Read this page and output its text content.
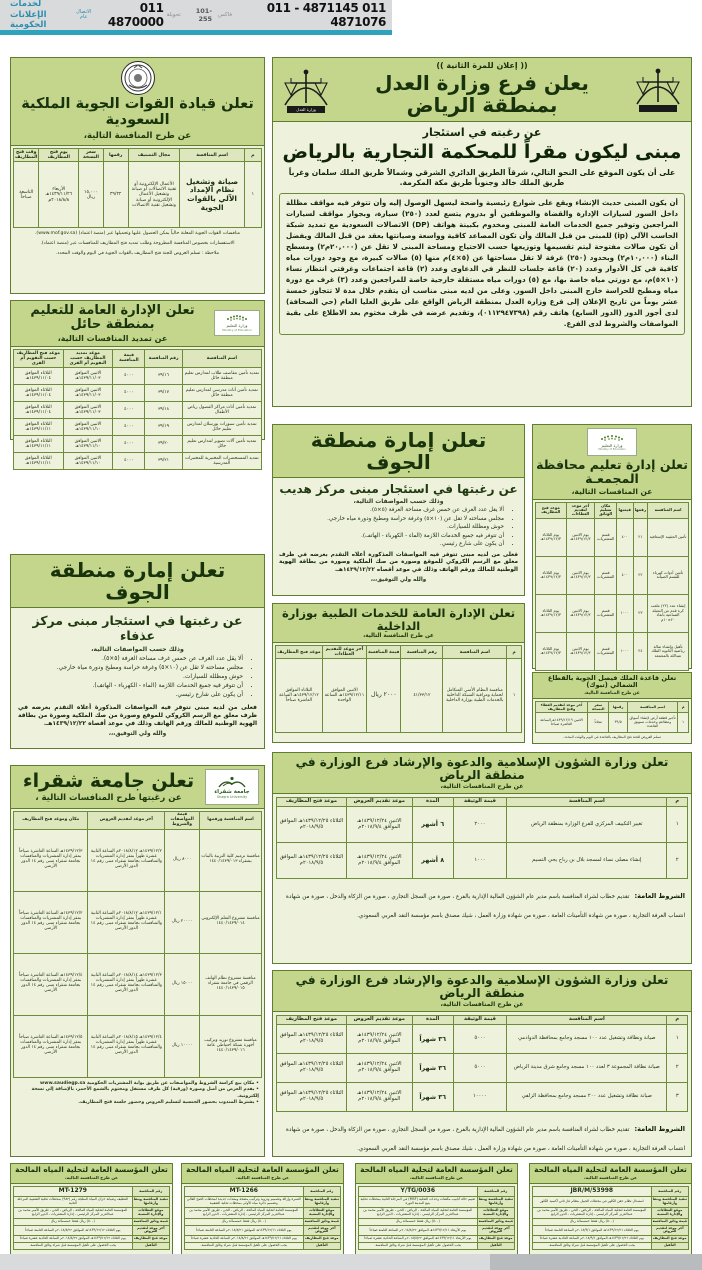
لخدمات
الإعلانات الحكومية
الاتصال
عام
011 4870000 تحويلة	101-255	فاكس	011 4871145 - 011 4871076
تعلن قيادة القوات الجوية الملكية السعودية
عن طرح المنافسة التالية،
م	اسم المنافسة	مجال التصنيف	رقمها	سعر النسخة	يوم فتح المظاريف	وقت فتح المظاريف
١	صيانة وتشغيل نظام الإمداد الآلي بالقوات الجوية	الأعمال الإلكترونية أو تقنية الاتصالات أو صيانة وتشغيل الأعمال الإلكترونية أو صيانة وتشغيل تقنية الاتصالات	٣٩/٢٢	١٥,٠٠٠ ريال	الأربعاء ١٤٣٩/١١/٢٦هـ ٢٠١٨/٨/٨م	التاسعة صباحاً
منافسات القوات الجوية المعلنة حالياً يمكن الحصول عليها وتحميلها عبر (منصة اعتماد) (www.mof.gov.sa).
الاستفسارات بخصوص المنافسة المطروحة وطلب تمديد فتح المظاريف للمنافسات عبر (منصة اعتماد).
ملاحظة : تسلم العروض للجنة فتح المظاريف بالقوات الجوية في اليوم والوقت المحدد.
تعلن الإدارة العامة للتعليم بمنطقة حائل
عن تمديد المنافسات التالية،
وزارة التعليم
Ministry of Education
اسم المنافسة	رقم المنافسة	قيمة المنافسة	موعد تمديد المظاريف حسب التقويم أم القرى	موعد فتح المظاريف حسب التقويم أم القرى
تمديد تأمين مقاصف طلاب لمدارس تعليم منطقة حائل	٣٩/١٦	٤٠٠٠	الاثنين الموافق ١٤٣٩/١١/٠٣هـ	الثلاثاء الموافق ١٤٣٩/١١/٠٤هـ
تمديد تأمين أثاث مدرسي لمدارس تعليم منطقة حائل	٣٩/١٧	٤٠٠٠	الاثنين الموافق ١٤٣٩/١١/٠٣هـ	الثلاثاء الموافق ١٤٣٩/١١/٠٤هـ
تمديد تأمين أثاث مراكز الفصول رياض الأطفال	٣٩/١٨	٤٠٠٠	الاثنين الموافق ١٤٣٩/١١/٠٣هـ	الثلاثاء الموافق ١٤٣٩/١١/٠٤هـ
تمديد تأمين سبورات بورسلان لمدارس تعليم حائل	٣٩/١٩	٤٠٠٠	الاثنين الموافق ١٤٣٩/١١/١٠هـ	الثلاثاء الموافق ١٤٣٩/١١/١١هـ
تمديد تأمين آلات تصوير لمدارس تعليم حائل	٣٩/٢٠	٤٠٠٠	الاثنين الموافق ١٤٣٩/١١/١٠هـ	الثلاثاء الموافق ١٤٣٩/١١/١١هـ
تمديد المستحضرات المختبرية للمختبرات المدرسية	٣٩/٢١	٤٠٠٠	الاثنين الموافق ١٤٣٩/١١/١٠هـ	الثلاثاء الموافق ١٤٣٩/١١/١١هـ
وزارة العدل
(( إعلان للمرة الثانية ))
يعلن فرع وزارة العدل بمنطقة الرياض
عن رغبته في استئجار
مبنى ليكون مقراً للمحكمة التجارية بالرياض
على أن يكون الموقع على النحو التالي، شرقاً الطريق الدائري الشرقي وشمالاً طريق الملك سلمان وغرباً طريق الملك خالد وجنوباً طريق مكة المكرمة.
أن يكون المبنى حديث الإنشاء ويقع على شوارع رئيسية واضحة ليسهل الوصول إليه وأن تتوفر فيه مواقف مظللة داخل السور لسيارات الإدارة والقضاة والموظفين أو بدروم يتسع لعدد (٢٥٠) سيارة، وبجوار مواقف لسيارات المراجعين وتوفير جميع الخدمات العامة للمبنى ومخدوم بكبينة هواتف (DP) الاتصالات السعودية مع تمديد شبكة الحاسب الآلي (ip) للمبنى من قبل المالك وأن تكون المصاعد كافية وواسعة وصيانتها بعقد من قبل المالك ويفضل أن تكون صالات مفتوحة ليتم تقسيمها وتوزيعها حسب الاحتياج ومساحة المبنى لا تقل عن (٢٠,٠٠٠م٢) ومسطح البناء (١٠,٠٠٠م٢) وبحدود (٢٥٠) غرفة لا تقل مساحتها عن (٥×٤)م منها (٥) صالات كبيرة، مع وجود دورات مياه كافية في كل الأدوار وعدد (٢٠) قاعة جلسات للنظر في الدعاوى وعدد (٢) قاعة اجتماعات وغرفتي انتظار نساء (١٠×٥)م، مع دورتي مياه خاصة بها، مع (٥) دورات مياه مستقلة خارجية خاصة للمراجعين وعدد (٣) غرف مع دورة مياه ومطبخ للحراسة خارج المبنى داخل السور. وعلى من لديه مبنى مناسب أن يتقدم خلال مدة لا تتجاوز خمسة عشر يوماً من تاريخ الإعلان إلى فرع وزارة العدل بمنطقة الرياض الواقع على طريق العليا العام (حي الصحافة) لدى أجور الدور (الدور السابع) هاتف رقم (٠١١٢٩٤٧٣٩٨)، وتقديم عرضه في ظرف مختوم بعد الاطلاع على بقية المواصفات والشروط لدى الفرع.
تعلن إمارة منطقة الجوف
عن رغبتها في استئجار مبنى مركز هديب
وذلك حسب المواصفات التالية،
• ألا يقل عدد الغرف عن خمس غرف مساحة الغرفة (٥×٥).
• مجلس مساحته لا تقل عن (١٠×٥) وغرفة حراسة ومطبخ ودورة مياه خارجي.
• حوش ومظللة للسيارات.
• أن تتوفر فيه جميع الخدمات اللازمة (الماء - الكهرباء - الهاتف).
• أن يكون على شارع رئيسي.
فعلى من لديه مبنى تتوفر فيه المواصفات المذكورة أعلاه التقدم بعرضه في ظرف مغلق مع الرسم الكروكي للموقع وصورة من صك الملكية وصورة من بطاقة الهوية الوطنية للمالك ورقم الهاتف وذلك في موعد أقصاه ١٤٣٩/١٢/٢٢هـ.
والله ولي التوفيق،،،
تعلن إمارة منطقة الجوف
عن رغبتها في استئجار مبنى مركز عذفاء
وذلك حسب المواصفات التالية،
• ألا يقل عدد الغرف عن خمس غرف مساحة الغرفة (٥×٥).
• مجلس مساحته لا تقل عن (١٠×٥) وغرفة حراسة ومطبخ ودورة مياه خارجي.
• حوش ومظللة للسيارات.
• أن تتوفر فيه جميع الخدمات اللازمة (الماء - الكهرباء - الهاتف).
• أن يكون على شارع رئيسي.
فعلى من لديه مبنى تتوفر فيه المواصفات المذكورة أعلاه التقدم بعرضه في ظرف مغلق مع الرسم الكروكي للموقع وصورة من صك الملكية وصورة من بطاقة الهوية الوطنية للمالك ورقم الهاتف وذلك في موعد أقصاه ١٤٣٩/١٢/٢٢هـ.
والله ولي التوفيق،،،
وزارة التعليم
Ministry of Education
تعلن إدارة تعليم محافظة المجمعـة
عن المنافسات التالية،
اسم المنافسة	رقمها	قيمتها	مكان تسليم الوثائق	آخر موعد لتقديم العطاءات	موعد فتح المظاريف
تأمين الحقيبة الإسعافية	٢١	٤٠٠	قسم المشتريات	يوم الاثنين ١٤٣٩/١٢/٢هـ	يوم الثلاثاء ١٤٣٩/١٢/٣هـ
تأمين أدوات كهرباء للقسم الصيانة	٢٢	٤٠٠	قسم المشتريات	يوم الاثنين ١٤٣٩/١٢/٢هـ	يوم الثلاثاء ١٤٣٩/١٢/٣هـ
إنشاء عدد (٢٢) ملعب كرة قدم من النجيلة الصناعية بأبعاد ٢٠×١٠م	٢٣	١٠٠٠	قسم المشتريات	يوم الاثنين ١٤٣٩/١٢/٢هـ	يوم الثلاثاء ١٤٣٩/١٢/٣هـ
تأهيل وإنشاء صالة رياضية الثانوية الملك عبدالله بالمجمعة	٢٤	١٠٠٠	قسم المشتريات	يوم الاثنين ١٤٣٩/١٢/٢هـ	يوم الثلاثاء ١٤٣٩/١٢/٣هـ
تعلن قاعدة الملك فيصل الجوية بالقطاع الشمالي (تبوك)
عن طرح المنافسة التالية،
م	اسم المنافسة	رقمها	سعر النسخة	آخر موعد لتقديم العطاء وفتح المظاريف
١	تأجير قطعة أرض لإنشاء أسواق ومطاعم وخدمات تسويق القاعدة	٣٩/٥	مجاناً	الاثنين ١٤٣٩/١٢/١٩هـ الساعة العاشرة صباحاً
تسلم العروض للجنة فتح المظاريف بالقاعدة في اليوم والوقت المحدد.
تعلن الإدارة العامة للخدمات الطبية بوزارة الداخلية
عن طرح المنافسة التالية،
م	اسم المنافسة	رقم المنافسة	قيمة المنافسة	آخر موعد للتقديم العطاءات	موعد فتح المظاريف
١	منافسة النظام الأمني المتكامل لحماية ومراقبة الشبكة الداخلية بالخدمات الطبية بوزارة الداخلية	٤١/٣٣/١٢	٢٠٠٠ ريال	الاثنين الموافق ١٤٣٩/١٢/١١هـ الساعة الواحدة	الثلاثاء الموافق ١٤٣٩/١٢/١٢هـ الساعة العاشرة صباحاً
تعلن جامعة شقراء
عن رغبتها طرح المنافسات التالية ،
جامعة شقراء
Shaqra University
اسم المنافسة ورقمها	قيمة المواصفات والشروط	آخر موعد لتقديم العروض	مكان وموعد فتح المظاريف
منافسة ترميم كلية التربية بالبنات بشقراء ١٤٤٠/١٤٣٩/٠١٣	٨٠٠٠ ريال	١٤٣٩/١٢/٢هـ ٢٠١٨/٨/١٢م الساعة الثانية عشرة ظهراً بمقر إدارة المشتريات والمنافسات بجامعة شقراء مبنى رقم ١٤ الدور الأرضي	١٤٣٩/١٢/٣هـ الساعة العاشرة صباحاً بمقر إدارة المشتريات والمنافسات بجامعة شقراء مبنى رقم ١٤ الدور الأرضي
منافسة مشروع التعلم الإلكتروني ١٤٤٠/١٤٣٩/٠١٤	٢٠٠٠٠ ريال	١٤٣٩/١٢/١هـ ٢٠١٨/٨/١٢م الساعة الثانية عشرة ظهراً بمقر إدارة المشتريات والمنافسات بجامعة شقراء مبنى رقم ١٤ الدور الأرضي	١٤٣٩/١٢/٢هـ الساعة العاشرة صباحاً بمقر إدارة المشتريات والمنافسات بجامعة شقراء مبنى رقم ١٤ الدور الأرضي
منافسة مشروع نظام الهاتف الرقمي في جامعة شقراء ١٤٤٠/١٤٣٩/٠١٥	١٥٠٠٠ ريال	١٤٣٩/١٢/٣هـ ٢٠١٨/٨/١٤م الساعة الثانية عشرة ظهراً بمقر إدارة المشتريات والمنافسات بجامعة شقراء مبنى رقم ١٤ الدور الأرضي	١٤٣٩/١٢/٤هـ الساعة العاشرة صباحاً بمقر إدارة المشتريات والمنافسات بجامعة شقراء مبنى رقم ١٤ الدور الأرضي
منافسة مشروع توريد وتركيب أجهزة شبكة احتياطي عامة ١٤٤٠/١٤٣٩/٠١٦	١٠٠٠٠ ريال	١٤٣٩/١٢/٤هـ ٢٠١٨/٨/١٥م الساعة الثانية عشرة ظهراً بمقر إدارة المشتريات والمنافسات بجامعة شقراء مبنى رقم ١٤ الدور الأرضي	١٤٣٩/١٢/٥هـ الساعة العاشرة صباحاً بمقر إدارة المشتريات والمنافسات بجامعة شقراء مبنى رقم ١٤ الدور الأرضي
• مكان بيع كراسة الشروط والمواصفات عن طريق بوابة المشتريات الحكومية www.saudiegp.sa
• يقدم العرض من أصل وصورة (ورقية) كل ظرف مستقل ومختوم بالشمع الأحمر، بالإضافة إلى نسخة إلكترونية.
• يشترط المندوب بحضور الجنسية لتسليم العروض وحضور جلسة فتح المظاريف.
تعلن وزارة الشؤون الإسلامية والدعوة والإرشاد فرع الوزارة في منطقة الرياض
عن طرح المنافسات التالية،
م	اسم المنافسة	قيمة الوثيقة	المدة	موعد تقديم العروض	موعد فتح المظاريف
١	تغيير التكييف المركزي للفرع الوزارة بمنطقة الرياض	٢٠٠٠	٦ أشهر	الاثنين ١٤٣٩/١٢/٢٤هـ الموافق ٢٠١٨/٩/٤م	الثلاثاء ١٤٣٩/١٢/٢٥هـ الموافق ٢٠١٨/٩/٥م
٢	إنشاء مصلى نساء لمسجد بلال بن رباح يحي التسيم	١٠٠٠	٨ أشهر	الاثنين ١٤٣٩/١٢/٢٤هـ الموافق ٢٠١٨/٩/٤م	الثلاثاء ١٤٣٩/١٢/٢٥هـ الموافق ٢٠١٨/٩/٥م
الشروط العامة: تقديم خطاب لشراء المنافسة باسم مدير عام الشؤون المالية الإدارية بالفرع ، صورة من السجل التجاري ، صورة من الزكاة والدخل ، صورة من شهادة انتساب الغرفة التجارية ، صورة من شهادة التأمينات العامة ، صورة من شهادة وزارة العمل ، شيك مصدق باسم مؤسسة النقد العربي السعودي.
تعلن وزارة الشؤون الإسلامية والدعوة والإرشاد فرع الوزارة في منطقة الرياض
عن طرح المنافسات التالية،
م	اسم المنافسة	قيمة الوثيقة	المدة	موعد تقديم العروض	موعد فتح المظاريف
١	صيانة ونظافة وتشغيل عدد ١٠٠ مسجد وجامع بمحافظة الدوادمي	٥٠٠٠	٣٦ شهراً	الاثنين ١٤٣٩/١٢/٢٤هـ الموافق ٢٠١٨/٩/٤م	الثلاثاء ١٤٣٩/١٢/٢٥هـ الموافق ٢٠١٨/٩/٥م
٢	صيانة نظافة المجموعة ٣ لعدد ١٠٠ مسجد وجامع شرق مدينة الرياض	٥٠٠٠	٣٦ شهراً	الاثنين ١٤٣٩/١٢/٢٤هـ الموافق ٢٠١٨/٩/٤م	الثلاثاء ١٤٣٩/١٢/٢٥هـ الموافق ٢٠١٨/٩/٥م
٣	صيانة نظافة وتشغيل عدد ٢٠٠ مسجد وجامع بمحافظة الزلفي	١٠٠٠٠	٣٦ شهراً	الاثنين ١٤٣٩/١٢/٢٤هـ الموافق ٢٠١٨/٩/٤م	الثلاثاء ١٤٣٩/١٢/٢٥هـ الموافق ٢٠١٨/٩/٥م
الشروط العامة: تقديم خطاب لشراء المنافسة باسم مدير عام الشؤون المالية الإدارية بالفرع ، صورة من السجل التجاري ، صورة من الزكاة والدخل ، صورة من شهادة انتساب الغرفة التجارية ، صورة من شهادة التأمينات العامة ، صورة من شهادة وزارة العمل ، شيك مصدق باسم مؤسسة النقد العربي السعودي.
تعلن المؤسسة العامة لتحلية المياه المالحة
عن طرح المنافسة التالية،
رقم المنافسة	JBR/M/53998
تنفيذ المنافسة وبنط وأرقامها	استبدال نظام حقن الكلور في محطات الجبيل بنظام غاز ثاني أكسيد الكلور
موقع العطاءات والإدارة المعنية	المؤسسة العامة لتحلية المياه المالحة ، الرياض ، الحي ، طريق الأمير محمد بن عبدالعزيز المركز الرئيسي ، إدارة المشتريات - الدور الرابع
قيمة وثائق المنافسة	(٥٠٠) ريال فقط خمسمائة ريال
آخر موعد لتقديم العروض	يوم الثلاثاء ١٤٣٩/١٢/٢١هـ الموافق ٢٠١٨/٩/١م الساعة الثامنة صباحاً
موعد فتح المظاريف	يوم الثلاثاء ١٤٣٩/١٢/٢١هـ الموافق ٢٠١٨/٩/١م الساعة الحادية عشرة صباحاً
التأهيل	يجب الحصول على تأهيل المؤسسة قبل شراء وثائق المنافسة.
تعلن المؤسسة العامة لتحلية المياه المالحة
عن طرح المنافسة التالية،
رقم المنافسة	Y/TG/0036
تنفيذ المنافسة وبنط وأرقامها	تقييم حالة أنابيب مكثفات وحدات التحلية (MSF) في المرحلة الثانية بمحطات تحلية ينبع المدينة الثورة
موقع العطاءات والإدارة المعنية	المؤسسة العامة لتحلية المياه المالحة ، الرياض ، الحي ، طريق الأمير محمد بن عبدالعزيز المركز الرئيسي - إدارة المشتريات - الدور الرابع
قيمة وثائق المنافسة	(٥٠٠) ريال فقط خمسمائة ريال
آخر موعد لتقديم العروض	يوم الأربعاء ١٤٣٩/١٢/١١هـ الموافق ٢٠١٨/٨/٢٢م الساعة الثامنة صباحاً
موعد فتح المظاريف	يوم الأربعاء ١٤٣٩/١٢/١١هـ الموافق ٢٠١٨/٨/٢٢م الساعة الحادية عشرة صباحاً
التأهيل	يجب الحصول على تأهيل المؤسسة قبل شراء وثائق المنافسة.
تعلن المؤسسة العامة لتحلية المياه المالحة
عن طرح المنافسة التالية،
رقم المنافسة	MT-1266
تنفيذ المنافسة وبنط وأرقامها	العمرة وإزالة وتصميم وتزويد وتركيب مضخة ومعدات جديدة لمحطات الضخ العالي وتصميم دائرة مياه الأولى بمحطات تحلية الشعيبة
موقع العطاءات والإدارة المعنية	المؤسسة العامة لتحلية المياه المالحة ، الرياض ، الحي ، طريق الأمير محمد بن عبدالعزيز المركز الرئيسي - إدارة المشتريات - الدور الرابع
قيمة وثائق المنافسة	(٥٠٠) ريال فقط خمسمائة ريال
آخر موعد لتقديم العروض	يوم الثلاثاء ١٤٣٩/١٢/١١هـ الموافق ٢٠١٨/٨/٢١م الساعة الثامنة صباحاً
موعد فتح المظاريف	يوم الثلاثاء ١٤٣٩/١٢/١١هـ الموافق ٢٠١٨/٨/٢١م الساعة الحادية عشرة صباحاً
التأهيل	يجب الحصول على تأهيل المؤسسة قبل شراء وثائق المنافسة.
تعلن المؤسسة العامة لتحلية المياه المالحة
عن طرح المنافسة التالية،
رقم المنافسة	MT-1279
تنفيذ المنافسة وبنط وأرقامها	التنظيف وصيانة خزان المياه المتلجة رقم (٩٨٢) بمحطات تحلية الشعيبة المرحلة الثانية
موقع العطاءات والإدارة المعنية	المؤسسة العامة لتحلية المياه المالحة ، الرياض ، الحي ، طريق الأمير محمد بن عبدالعزيز المركز الرئيسي - إدارة المشتريات - الدور الرابع
قيمة وثائق المنافسة	(٥٠٠) ريال فقط خمسمائة ريال
آخر موعد لتقديم العروض	يوم الثلاثاء ١٤٣٩/١٢/١٢هـ الموافق ٢٠١٨/٨/٢٢م الساعة الثامنة صباحاً
موعد فتح المظاريف	يوم الثلاثاء ١٤٣٩/١٢/١٢هـ الموافق ٢٠١٨/٨/٢٢م الساعة الحادية عشرة صباحاً
التأهيل	يجب الحصول على تأهيل المؤسسة قبل شراء وثائق المنافسة.
